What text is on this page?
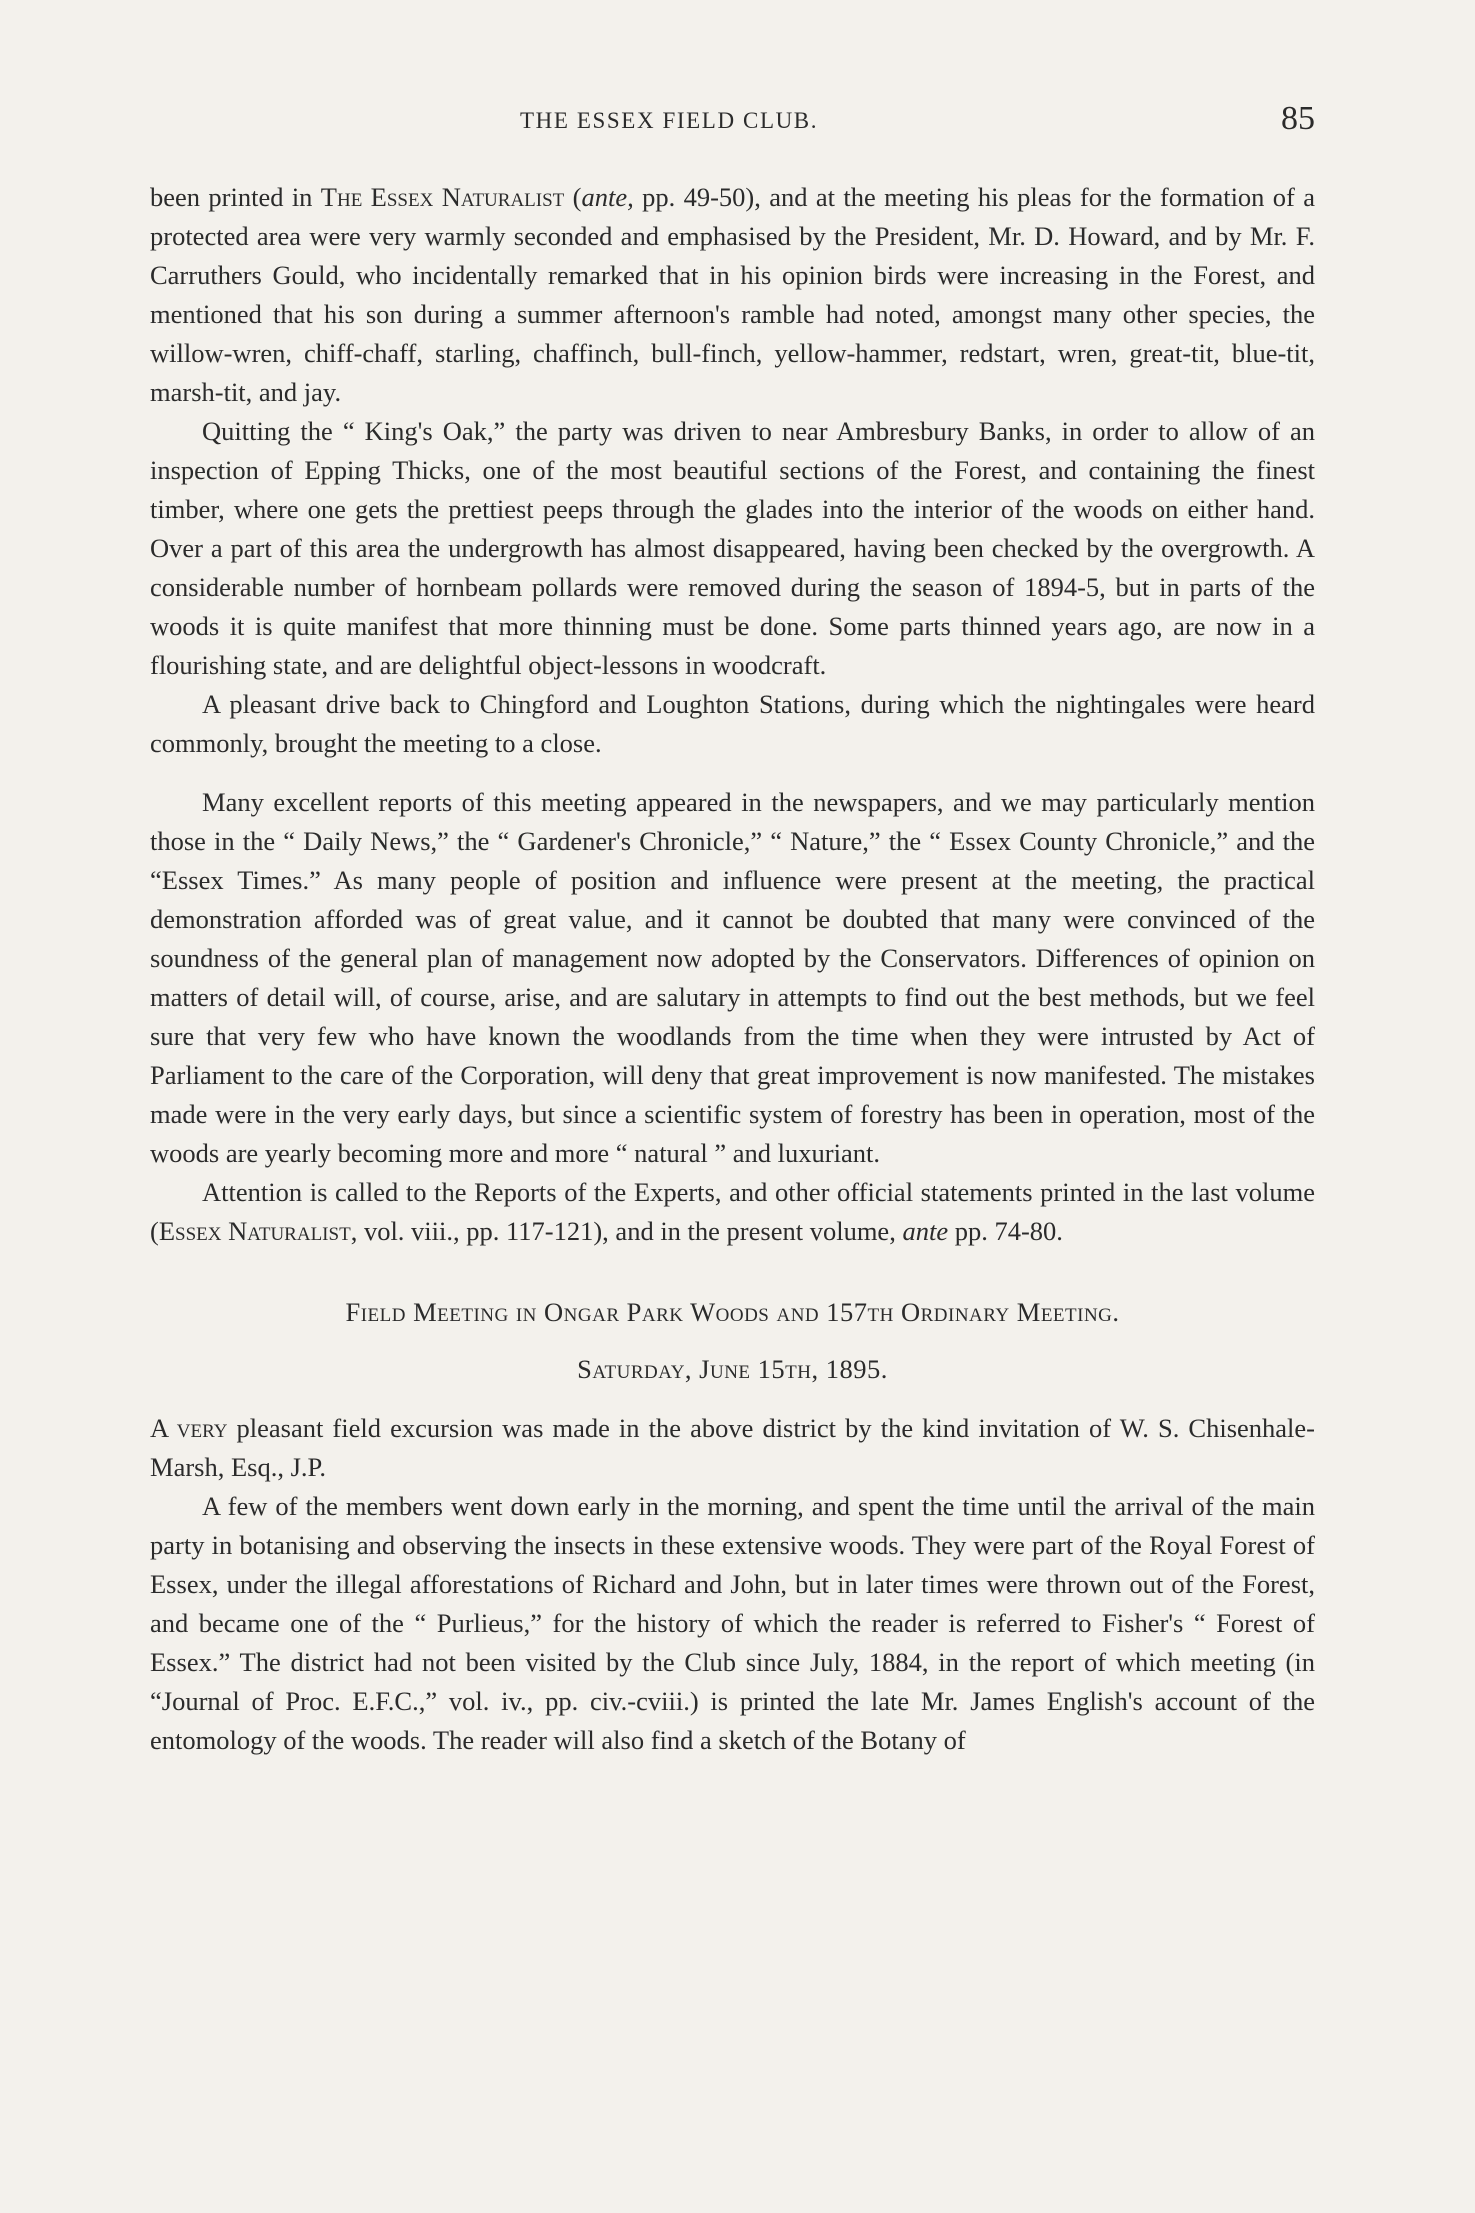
THE ESSEX FIELD CLUB.	85

been printed in The Essex Naturalist (ante, pp. 49-50), and at the meeting his pleas for the formation of a protected area were very warmly seconded and emphasised by the President, Mr. D. Howard, and by Mr. F. Carruthers Gould, who incidentally remarked that in his opinion birds were increasing in the Forest, and mentioned that his son during a summer afternoon's ramble had noted, amongst many other species, the willow-wren, chiff-chaff, starling, chaffinch, bull-finch, yellow-hammer, redstart, wren, great-tit, blue-tit, marsh-tit, and jay.

Quitting the “ King's Oak,” the party was driven to near Ambresbury Banks, in order to allow of an inspection of Epping Thicks, one of the most beautiful sections of the Forest, and containing the finest timber, where one gets the prettiest peeps through the glades into the interior of the woods on either hand. Over a part of this area the undergrowth has almost disappeared, having been checked by the overgrowth. A considerable number of hornbeam pollards were removed during the season of 1894-5, but in parts of the woods it is quite manifest that more thinning must be done. Some parts thinned years ago, are now in a flourishing state, and are delightful object-lessons in woodcraft.

A pleasant drive back to Chingford and Loughton Stations, during which the nightingales were heard commonly, brought the meeting to a close.

Many excellent reports of this meeting appeared in the newspapers, and we may particularly mention those in the “ Daily News,” the “ Gardener's Chronicle,” “ Nature,” the “ Essex County Chronicle,” and the “Essex Times.” As many people of position and influence were present at the meeting, the practical demonstration afforded was of great value, and it cannot be doubted that many were convinced of the soundness of the general plan of management now adopted by the Conservators. Differences of opinion on matters of detail will, of course, arise, and are salutary in attempts to find out the best methods, but we feel sure that very few who have known the woodlands from the time when they were intrusted by Act of Parliament to the care of the Corporation, will deny that great improvement is now manifested. The mistakes made were in the very early days, but since a scientific system of forestry has been in operation, most of the woods are yearly becoming more and more “ natural ” and luxuriant.

Attention is called to the Reports of the Experts, and other official statements printed in the last volume (Essex Naturalist, vol. viii., pp. 117-121), and in the present volume, ante pp. 74-80.

Field Meeting in Ongar Park Woods and 157th Ordinary Meeting.

Saturday, June 15th, 1895.

A very pleasant field excursion was made in the above district by the kind invitation of W. S. Chisenhale-Marsh, Esq., J.P.

A few of the members went down early in the morning, and spent the time until the arrival of the main party in botanising and observing the insects in these extensive woods. They were part of the Royal Forest of Essex, under the illegal afforestations of Richard and John, but in later times were thrown out of the Forest, and became one of the “ Purlieus,” for the history of which the reader is referred to Fisher's “ Forest of Essex.” The district had not been visited by the Club since July, 1884, in the report of which meeting (in “Journal of Proc. E.F.C.,” vol. iv., pp. civ.-cviii.) is printed the late Mr. James English's account of the entomology of the woods. The reader will also find a sketch of the Botany of
